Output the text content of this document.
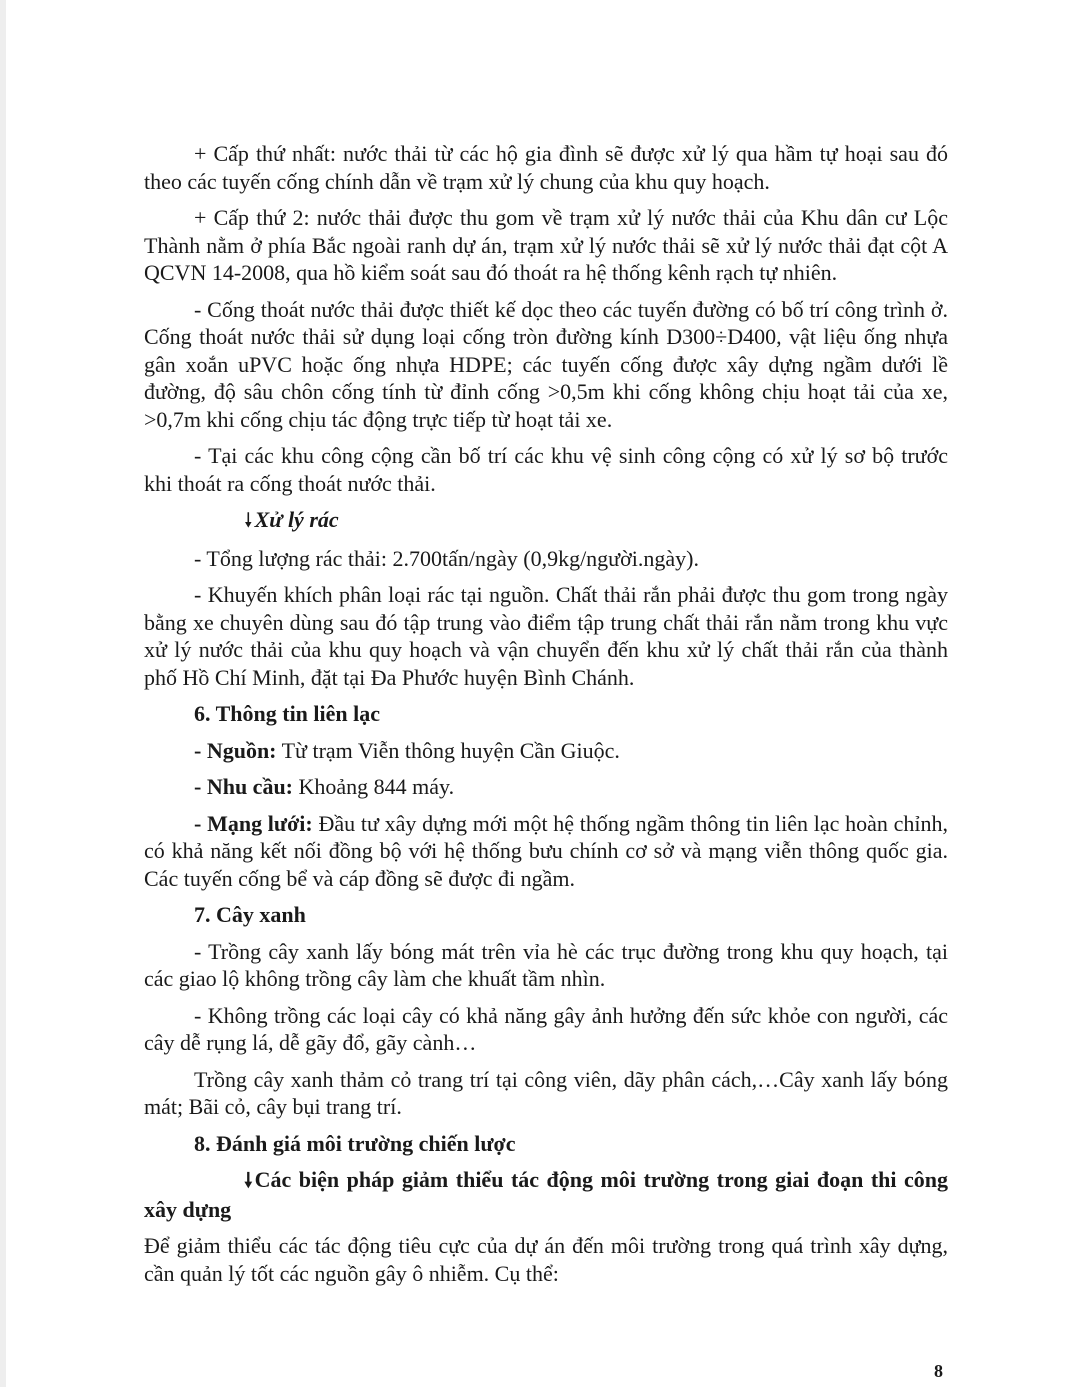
+ Cấp thứ nhất: nước thải từ các hộ gia đình sẽ được xử lý qua hầm tự hoại sau đó theo các tuyến cống chính dẫn về trạm xử lý chung của khu quy hoạch.

+ Cấp thứ 2: nước thải được thu gom về trạm xử lý nước thải của Khu dân cư Lộc Thành nằm ở phía Bắc ngoài ranh dự án, trạm xử lý nước thải sẽ xử lý nước thải đạt cột A QCVN 14-2008, qua hồ kiểm soát sau đó thoát ra hệ thống kênh rạch tự nhiên.

- Cống thoát nước thải được thiết kế dọc theo các tuyến đường có bố trí công trình ở. Cống thoát nước thải sử dụng loại cống tròn đường kính D300÷D400, vật liệu ống nhựa gân xoắn uPVC hoặc ống nhựa HDPE; các tuyến cống được xây dựng ngầm dưới lề đường, độ sâu chôn cống tính từ đỉnh cống >0,5m khi cống không chịu hoạt tải của xe, >0,7m khi cống chịu tác động trực tiếp từ hoạt tải xe.

- Tại các khu công cộng cần bố trí các khu vệ sinh công cộng có xử lý sơ bộ trước khi thoát ra cống thoát nước thải.

🠗Xử lý rác

- Tổng lượng rác thải: 2.700tấn/ngày (0,9kg/người.ngày).

- Khuyến khích phân loại rác tại nguồn. Chất thải rắn phải được thu gom trong ngày bằng xe chuyên dùng sau đó tập trung vào điểm tập trung chất thải rắn nằm trong khu vực xử lý nước thải của khu quy hoạch và vận chuyển đến khu xử lý chất thải rắn của thành phố Hồ Chí Minh, đặt tại Đa Phước huyện Bình Chánh.

6. Thông tin liên lạc

- Nguồn: Từ trạm Viễn thông huyện Cần Giuộc.

- Nhu cầu: Khoảng 844 máy.

- Mạng lưới: Đầu tư xây dựng mới một hệ thống ngầm thông tin liên lạc hoàn chỉnh, có khả năng kết nối đồng bộ với hệ thống bưu chính cơ sở và mạng viễn thông quốc gia. Các tuyến cống bể và cáp đồng sẽ được đi ngầm.

7. Cây xanh

- Trồng cây xanh lấy bóng mát trên vỉa hè các trục đường trong khu quy hoạch, tại các giao lộ không trồng cây làm che khuất tầm nhìn.

- Không trồng các loại cây có khả năng gây ảnh hưởng đến sức khỏe con người, các cây dễ rụng lá, dễ gãy đổ, gãy cành…

Trồng cây xanh thảm cỏ trang trí tại công viên, dãy phân cách,…Cây xanh lấy bóng mát; Bãi cỏ, cây bụi trang trí.

8. Đánh giá môi trường chiến lược

🠗Các biện pháp giảm thiểu tác động môi trường trong giai đoạn thi công xây dựng

Để giảm thiểu các tác động tiêu cực của dự án đến môi trường trong quá trình xây dựng, cần quản lý tốt các nguồn gây ô nhiễm. Cụ thể:

8
